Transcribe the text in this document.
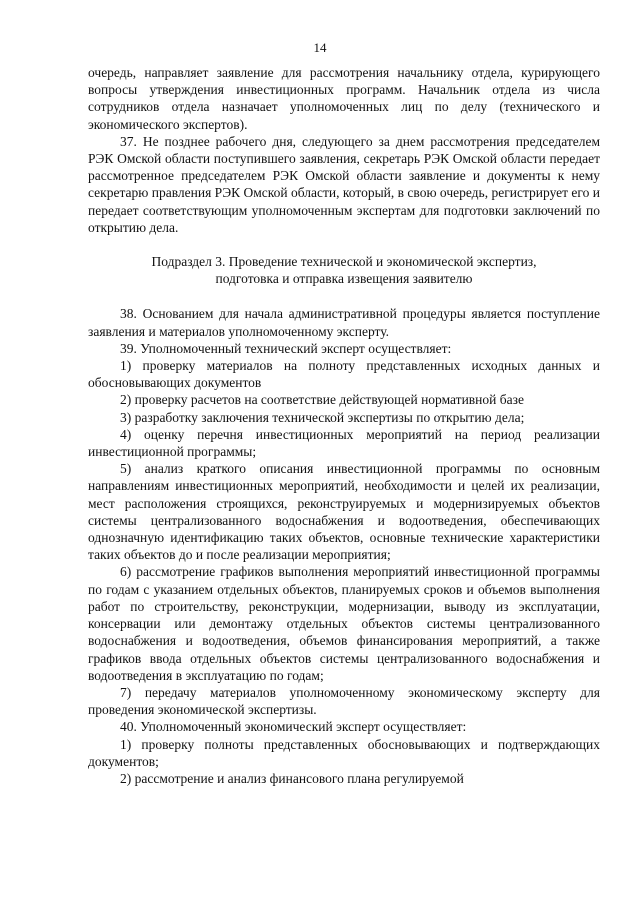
14

очередь, направляет заявление для рассмотрения начальнику отдела, курирующего вопросы утверждения инвестиционных программ. Начальник отдела из числа сотрудников отдела назначает уполномоченных лиц по делу (технического и экономического экспертов).

37. Не позднее рабочего дня, следующего за днем рассмотрения председателем РЭК Омской области поступившего заявления, секретарь РЭК Омской области передает рассмотренное председателем РЭК Омской области заявление и документы к нему секретарю правления РЭК Омской области, который, в свою очередь, регистрирует его и передает соответствующим уполномоченным экспертам для подготовки заключений по открытию дела.

Подраздел 3. Проведение технической и экономической экспертиз,
подготовка и отправка извещения заявителю

38. Основанием для начала административной процедуры является поступление заявления и материалов уполномоченному эксперту.

39. Уполномоченный технический эксперт осуществляет:

1) проверку материалов на полноту представленных исходных данных и обосновывающих документов

2) проверку расчетов на соответствие действующей нормативной базе

3) разработку заключения технической экспертизы по открытию дела;

4) оценку перечня инвестиционных мероприятий на период реализации инвестиционной программы;

5) анализ краткого описания инвестиционной программы по основным направлениям инвестиционных мероприятий, необходимости и целей их реализации, мест расположения строящихся, реконструируемых и модернизируемых объектов системы централизованного водоснабжения и водоотведения, обеспечивающих однозначную идентификацию таких объектов, основные технические характеристики таких объектов до и после реализации мероприятия;

6) рассмотрение графиков выполнения мероприятий инвестиционной программы по годам с указанием отдельных объектов, планируемых сроков и объемов выполнения работ по строительству, реконструкции, модернизации, выводу из эксплуатации, консервации или демонтажу отдельных объектов системы централизованного водоснабжения и водоотведения, объемов финансирования мероприятий, а также графиков ввода отдельных объектов системы централизованного водоснабжения и водоотведения в эксплуатацию по годам;

7) передачу материалов уполномоченному экономическому эксперту для проведения экономической экспертизы.

40. Уполномоченный экономический эксперт осуществляет:

1) проверку полноты представленных обосновывающих и подтверждающих документов;

2) рассмотрение и анализ финансового плана регулируемой
